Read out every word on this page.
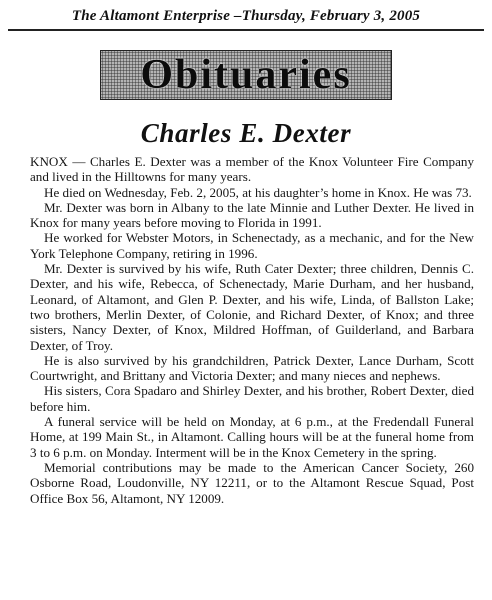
The Altamont Enterprise –Thursday, February 3, 2005
Obituaries
Charles E. Dexter

KNOX — Charles E. Dexter was a member of the Knox Volunteer Fire Company and lived in the Hilltowns for many years.

He died on Wednesday, Feb. 2, 2005, at his daughter’s home in Knox. He was 73.

Mr. Dexter was born in Albany to the late Minnie and Luther Dexter. He lived in Knox for many years before moving to Florida in 1991.

He worked for Webster Motors, in Schenectady, as a mechanic, and for the New York Telephone Company, retiring in 1996.

Mr. Dexter is survived by his wife, Ruth Cater Dexter; three children, Dennis C. Dexter, and his wife, Rebecca, of Schenectady, Marie Durham, and her husband, Leonard, of Altamont, and Glen P. Dexter, and his wife, Linda, of Ballston Lake; two brothers, Merlin Dexter, of Colonie, and Richard Dexter, of Knox; and three sisters, Nancy Dexter, of Knox, Mildred Hoffman, of Guilderland, and Barbara Dexter, of Troy.

He is also survived by his grandchildren, Patrick Dexter, Lance Durham, Scott Courtwright, and Brittany and Victoria Dexter; and many nieces and nephews.

His sisters, Cora Spadaro and Shirley Dexter, and his brother, Robert Dexter, died before him.

A funeral service will be held on Monday, at 6 p.m., at the Fredendall Funeral Home, at 199 Main St., in Altamont. Calling hours will be at the funeral home from 3 to 6 p.m. on Monday. Interment will be in the Knox Cemetery in the spring.

Memorial contributions may be made to the American Cancer Society, 260 Osborne Road, Loudonville, NY 12211, or to the Altamont Rescue Squad, Post Office Box 56, Altamont, NY 12009.
